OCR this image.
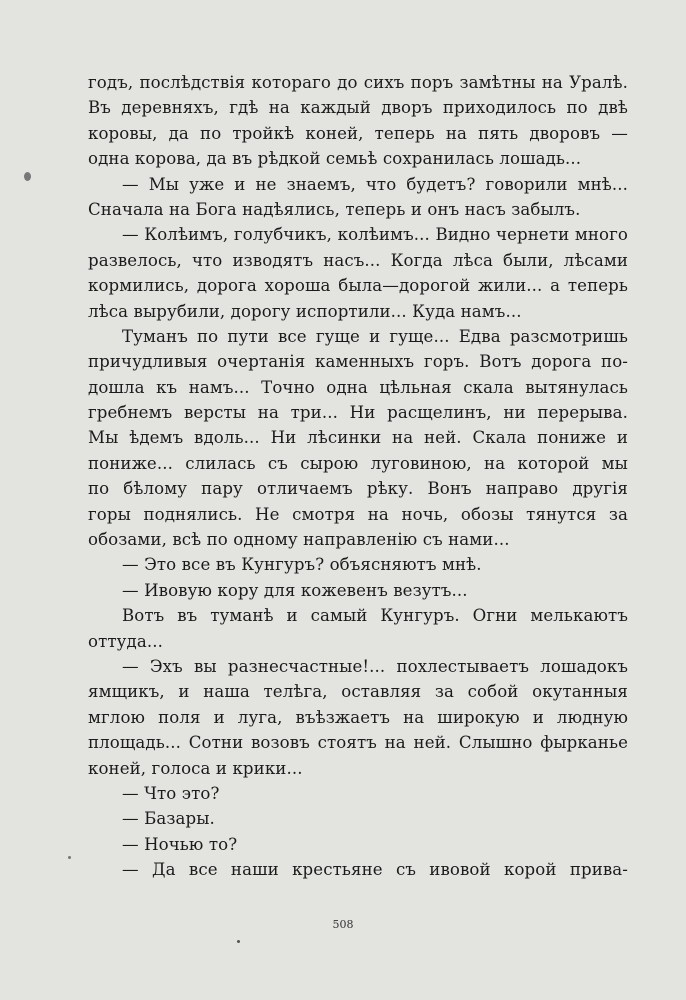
годъ, послѣдствія котораго до сихъ поръ замѣтны на Уралѣ.
Въ деревняхъ, гдѣ на каждый дворъ приходилось по двѣ
коровы, да по тройкѣ коней, теперь на пять дворовъ —
одна корова, да въ рѣдкой семьѣ сохранилась лошадь...
— Мы уже и не знаемъ, что будетъ? говорили мнѣ...
Сначала на Бога надѣялись, теперь и онъ насъ забылъ.
— Колѣимъ, голубчикъ, колѣимъ... Видно чернети много
развелось, что изводятъ насъ... Когда лѣса были, лѣсами
кормились, дорога хороша была—дорогой жили... а теперь
лѣса вырубили, дорогу испортили... Куда намъ...
Туманъ по пути все гуще и гуще... Едва разсмотришь
причудливыя очертанія каменныхъ горъ. Вотъ дорога по-
дошла къ намъ... Точно одна цѣльная скала вытянулась
гребнемъ версты на три... Ни расщелинъ, ни перерыва.
Мы ѣдемъ вдоль... Ни лѣсинки на ней. Скала пониже и
пониже... слилась съ сырою луговиною, на которой мы
по бѣлому пару отличаемъ рѣку. Вонъ направо другія
горы поднялись. Не смотря на ночь, обозы тянутся за
обозами, всѣ по одному направленію съ нами...
— Это все въ Кунгуръ? объясняютъ мнѣ.
— Ивовую кору для кожевенъ везутъ...
Вотъ въ туманѣ и самый Кунгуръ. Огни мелькаютъ
оттуда...
— Эхъ вы разнесчастные!... похлестываетъ лошадокъ
ямщикъ, и наша телѣга, оставляя за собой окутанныя
мглою поля и луга, въѣзжаетъ на широкую и людную
площадь... Сотни возовъ стоятъ на ней. Слышно фырканье
коней, голоса и крики...
— Что это?
— Базары.
— Ночью то?
— Да все наши крестьяне съ ивовой корой прива-
508
